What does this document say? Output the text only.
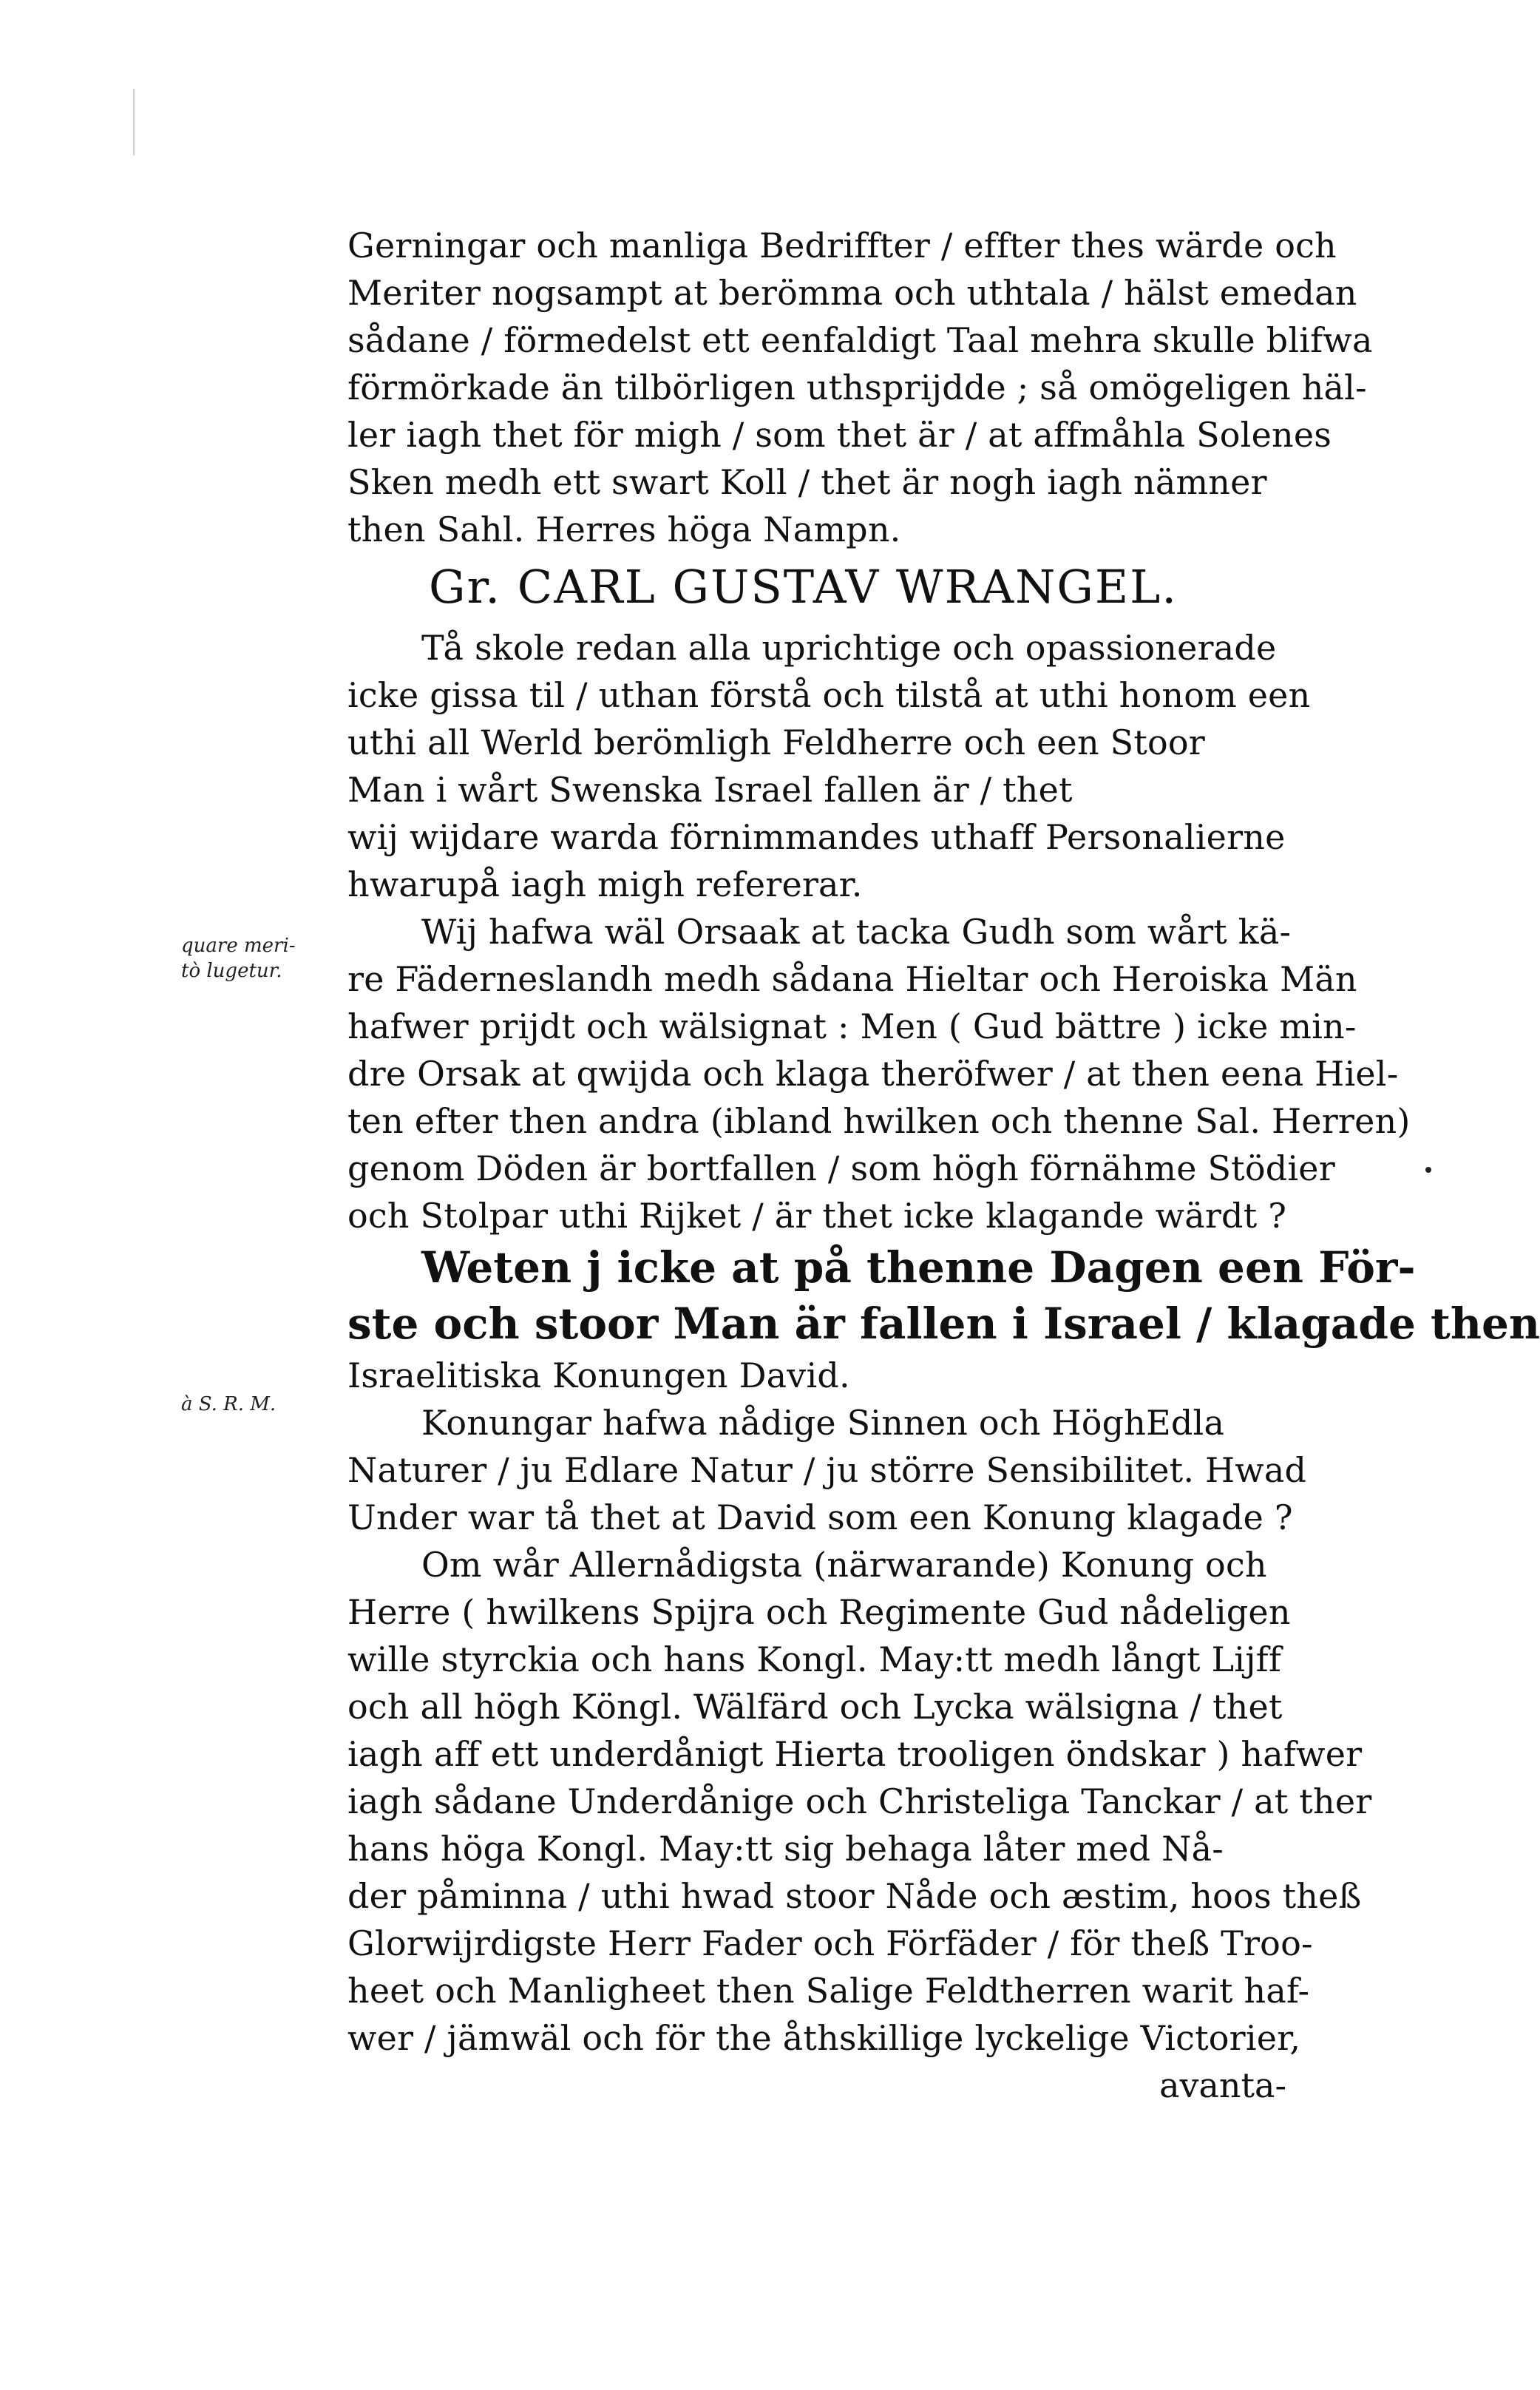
Gerningar och manliga Bedriffter / effter thes wärde och
Meriter nogsampt at berömma och uthtala / hälst emedan
sådane / förmedelst ett eenfaldigt Taal mehra skulle blifwa
förmörkade än tilbörligen uthsprijdde ; så omögeligen häl-
ler iagh thet för migh / som thet är / at affmåhla Solenes
Sken medh ett swart Koll / thet är nogh iagh nämner
then Sahl. Herres höga Nampn.
Gr. CARL GUSTAV WRANGEL.
Tå skole redan alla uprichtige och opassionerade
icke gissa til / uthan förstå och tilstå at uthi honom een
uthi all Werld berömligh Feldherre och een Stoor
Man i wårt Swenska Israel fallen är / thet
wij wijdare warda förnimmandes uthaff Personalierne
hwarupå iagh migh refererar.
Wij hafwa wäl Orsaak at tacka Gudh som wårt kä-
re Fäderneslandh medh sådana Hieltar och Heroiska Män
hafwer prijdt och wälsignat : Men ( Gud bättre ) icke min-
dre Orsak at qwijda och klaga theröfwer / at then eena Hiel-
ten efter then andra (ibland hwilken och thenne Sal. Herren)
genom Döden är bortfallen / som högh förnähme Stödier
och Stolpar uthi Rijket / är thet icke klagande wärdt ?
Weten j icke at på thenne Dagen een För-
ste och stoor Man är fallen i Israel / klagade then
Israelitiska Konungen David.
Konungar hafwa nådige Sinnen och HöghEdla
Naturer / ju Edlare Natur / ju större Sensibilitet. Hwad
Under war tå thet at David som een Konung klagade ?
Om wår Allernådigsta (närwarande) Konung och
Herre ( hwilkens Spijra och Regimente Gud nådeligen
wille styrckia och hans Kongl. May:tt medh långt Lijff
och all högh Köngl. Wälfärd och Lycka wälsigna / thet
iagh aff ett underdånigt Hierta trooligen öndskar ) hafwer
iagh sådane Underdånige och Christeliga Tanckar / at ther
hans höga Kongl. May:tt sig behaga låter med Nå-
der påminna / uthi hwad stoor Nåde och æstim, hoos theß
Glorwijrdigste Herr Fader och Förfäder / för theß Troo-
heet och Manligheet then Salige Feldtherren warit haf-
wer / jämwäl och för the åthskillige lyckelige Victorier,
avanta-
quare meri-
tò lugetur.
à S. R. M.
